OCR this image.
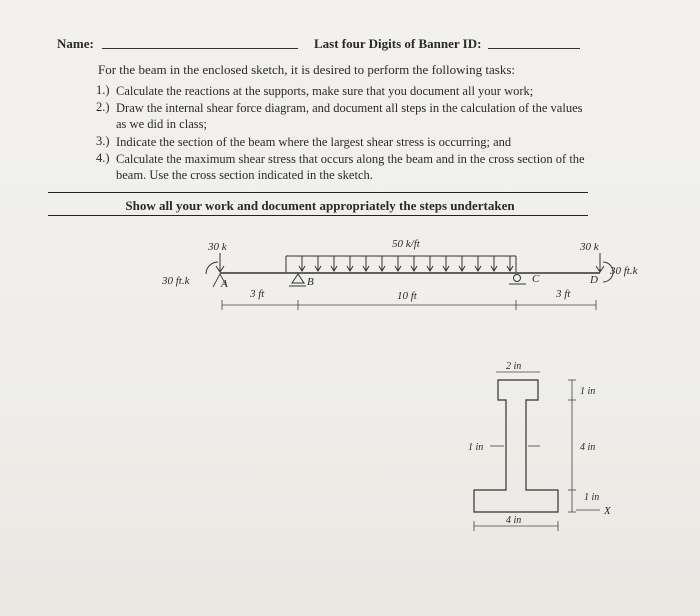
Name:	Last four Digits of Banner ID:
For the beam in the enclosed sketch, it is desired to perform the following tasks:
1.) Calculate the reactions at the supports, make sure that you document all your work;
2.) Draw the internal shear force diagram, and document all steps in the calculation of the values as we did in class;
3.) Indicate the section of the beam where the largest shear stress is occurring; and
4.) Calculate the maximum shear stress that occurs along the beam and in the cross section of the beam. Use the cross section indicated in the sketch.
Show all your work and document appropriately the steps undertaken
30 k
30 ft.k
50 k/ft	30 k
30 ft.k
A	B	C	D
3 ft	10 ft	3 ft
2 in
1 in
1 in
4 in
1 in
X
4 in
